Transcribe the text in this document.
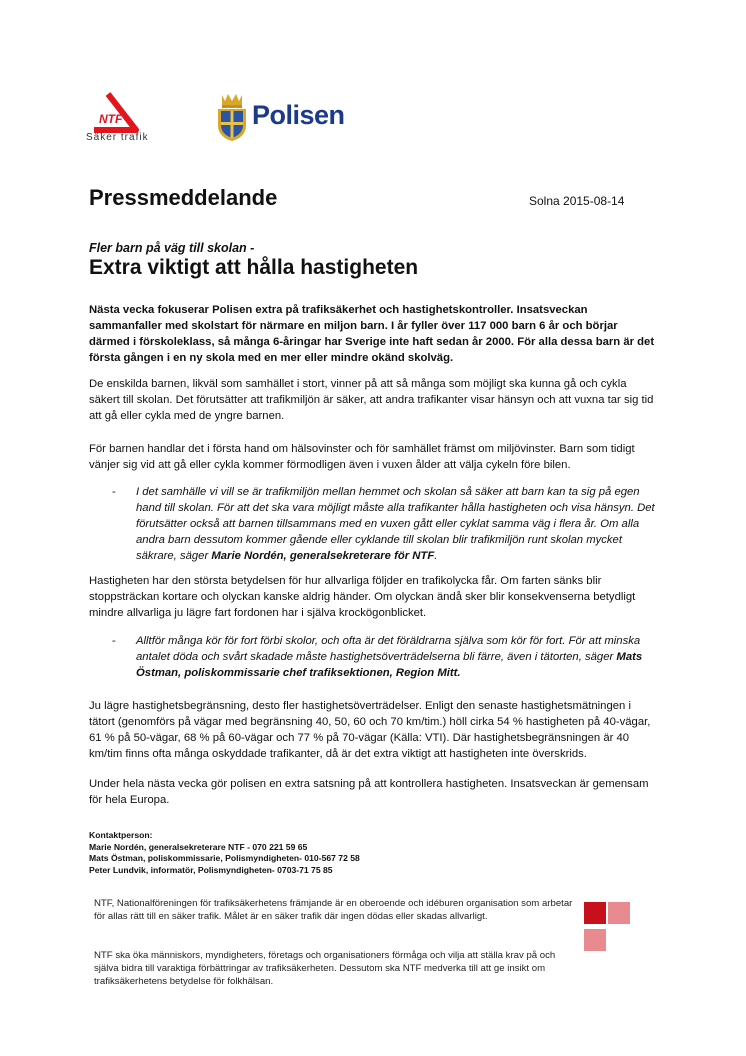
NTF
Säker trafik
Polisen
Pressmeddelande	Solna 2015-08-14
Fler barn på väg till skolan -
Extra viktigt att hålla hastigheten

Nästa vecka fokuserar Polisen extra på trafiksäkerhet och hastighetskontroller. Insatsveckan sammanfaller med skolstart för närmare en miljon barn. I år fyller över 117 000 barn 6 år och börjar därmed i förskoleklass, så många 6-åringar har Sverige inte haft sedan år 2000. För alla dessa barn är det första gången i en ny skola med en mer eller mindre okänd skolväg.

De enskilda barnen, likväl som samhället i stort, vinner på att så många som möjligt ska kunna gå och cykla säkert till skolan. Det förutsätter att trafikmiljön är säker, att andra trafikanter visar hänsyn och att vuxna tar sig tid att gå eller cykla med de yngre barnen.

För barnen handlar det i första hand om hälsovinster och för samhället främst om miljövinster. Barn som tidigt vänjer sig vid att gå eller cykla kommer förmodligen även i vuxen ålder att välja cykeln före bilen.

- I det samhälle vi vill se är trafikmiljön mellan hemmet och skolan så säker att barn kan ta sig på egen hand till skolan. För att det ska vara möjligt måste alla trafikanter hålla hastigheten och visa hänsyn. Det förutsätter också att barnen tillsammans med en vuxen gått eller cyklat samma väg i flera år. Om alla andra barn dessutom kommer gående eller cyklande till skolan blir trafikmiljön runt skolan mycket säkrare, säger Marie Nordén, generalsekreterare för NTF.

Hastigheten har den största betydelsen för hur allvarliga följder en trafikolycka får. Om farten sänks blir stoppsträckan kortare och olyckan kanske aldrig händer. Om olyckan ändå sker blir konsekvenserna betydligt mindre allvarliga ju lägre fart fordonen har i själva krockögonblicket.

- Alltför många kör för fort förbi skolor, och ofta är det föräldrarna själva som kör för fort. För att minska antalet döda och svårt skadade måste hastighetsöverträdelserna bli färre, även i tätorten, säger Mats Östman, poliskommissarie chef trafiksektionen, Region Mitt.

Ju lägre hastighetsbegränsning, desto fler hastighetsöverträdelser. Enligt den senaste hastighetsmätningen i tätort (genomförs på vägar med begränsning 40, 50, 60 och 70 km/tim.) höll cirka 54 % hastigheten på 40-vägar, 61 % på 50-vägar, 68 % på 60-vägar och 77 % på 70-vägar (Källa: VTI). Där hastighetsbegränsningen är 40 km/tim finns ofta många oskyddade trafikanter, då är det extra viktigt att hastigheten inte överskrids.

Under hela nästa vecka gör polisen en extra satsning på att kontrollera hastigheten. Insatsveckan är gemensam för hela Europa.

Kontaktperson:
Marie Nordén, generalsekreterare NTF - 070 221 59 65
Mats Östman, poliskommissarie, Polismyndigheten- 010-567 72 58
Peter Lundvik, informatör, Polismyndigheten- 0703-71 75 85
NTF, Nationalföreningen för trafiksäkerhetens främjande är en oberoende och idéburen organisation som arbetar för allas rätt till en säker trafik. Målet är en säker trafik där ingen dödas eller skadas allvarligt.
NTF ska öka människors, myndigheters, företags och organisationers förmåga och vilja att ställa krav på och själva bidra till varaktiga förbättringar av trafiksäkerheten. Dessutom ska NTF medverka till att ge insikt om trafiksäkerhetens betydelse för folkhälsan.
